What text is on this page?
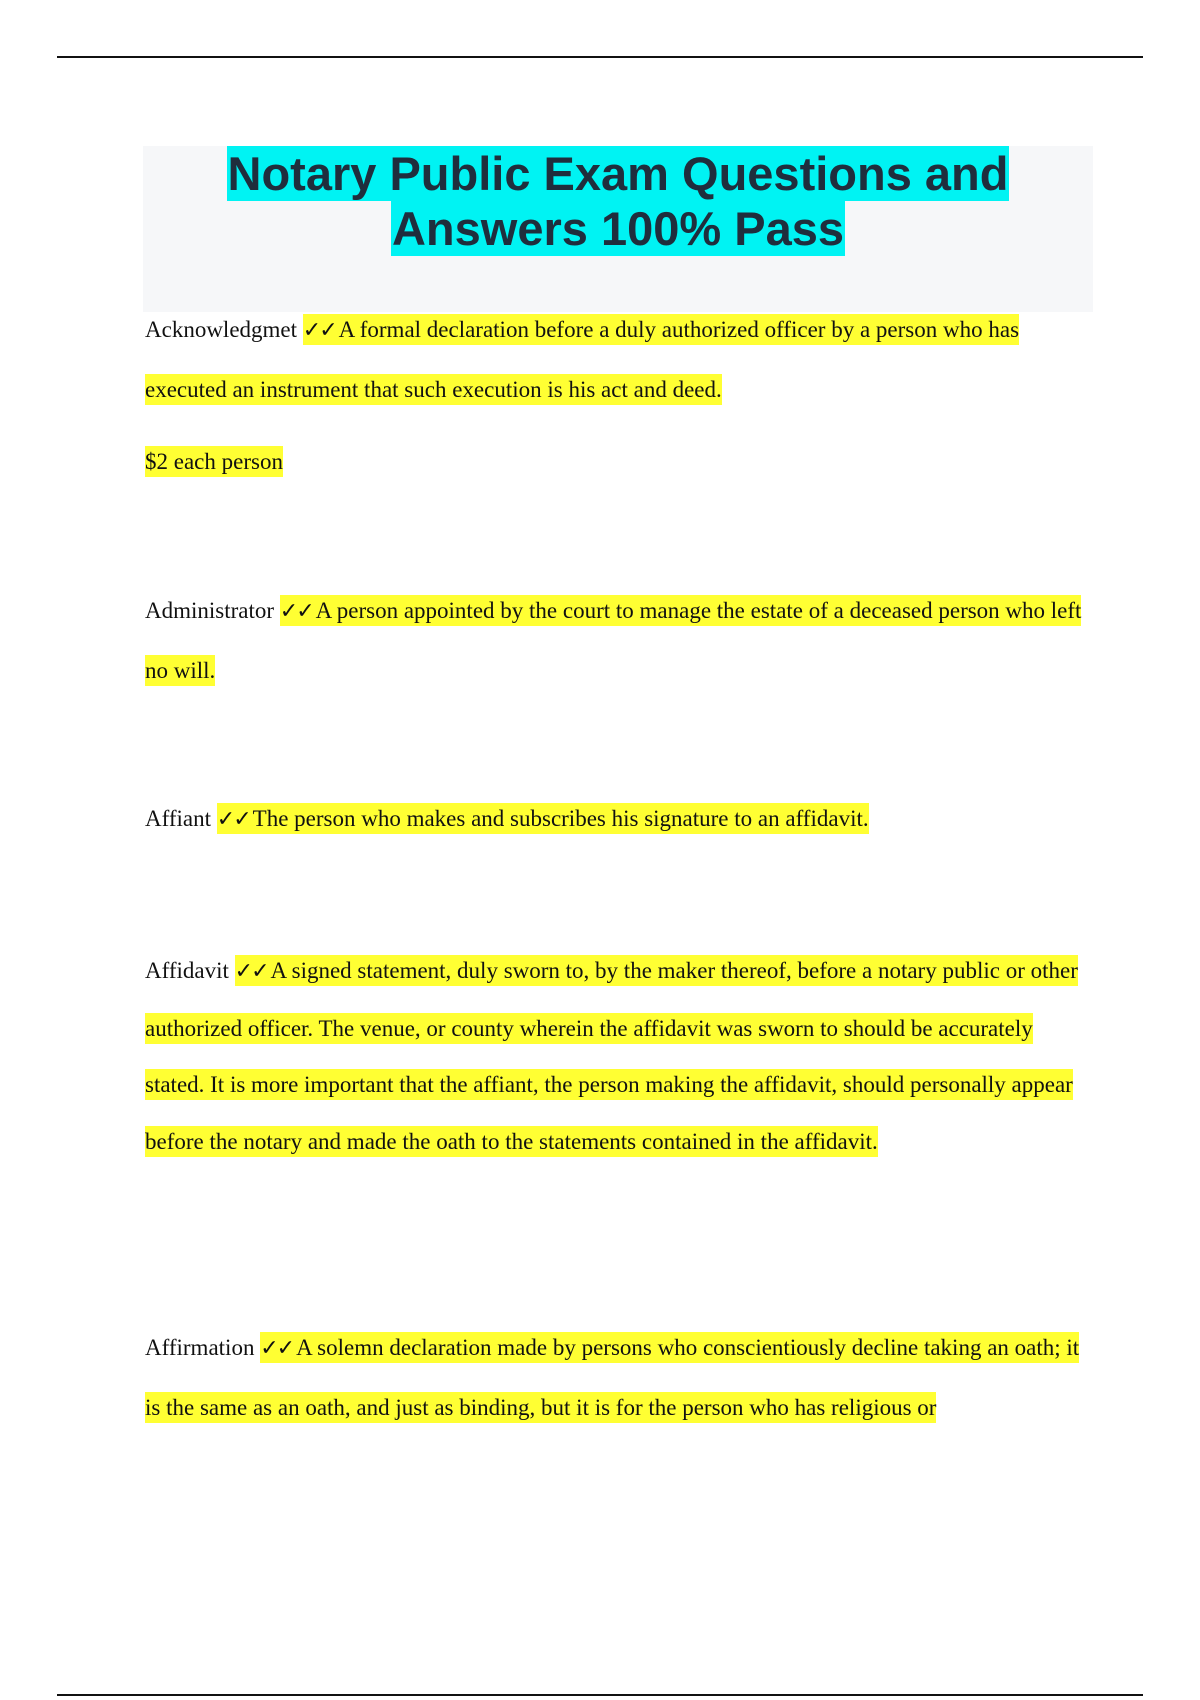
Notary Public Exam Questions and
Answers 100% Pass

Acknowledgmet ✓✓ A formal declaration before a duly authorized officer by a person who has executed an instrument that such execution is his act and deed.

$2 each person

Administrator ✓✓ A person appointed by the court to manage the estate of a deceased person who left no will.

Affiant ✓✓ The person who makes and subscribes his signature to an affidavit.

Affidavit ✓✓ A signed statement, duly sworn to, by the maker thereof, before a notary public or other authorized officer. The venue, or county wherein the affidavit was sworn to should be accurately stated. It is more important that the affiant, the person making the affidavit, should personally appear before the notary and made the oath to the statements contained in the affidavit.

Affirmation ✓✓ A solemn declaration made by persons who conscientiously decline taking an oath; it is the same as an oath, and just as binding, but it is for the person who has religious or
